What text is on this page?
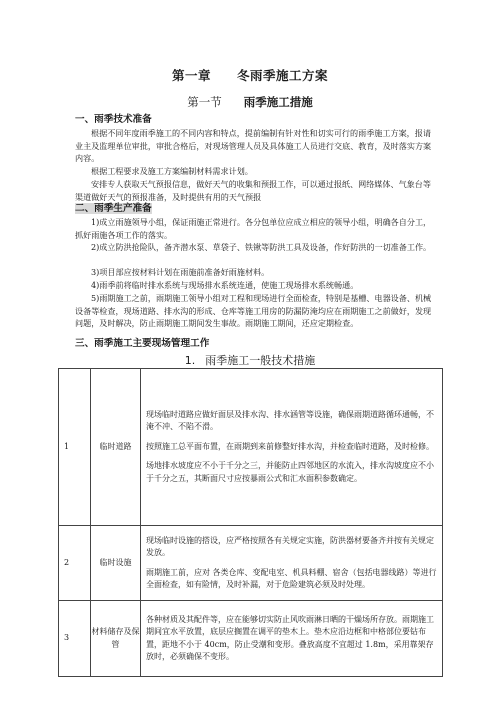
第一章 冬雨季施工方案
第一节 雨季施工措施
一、雨季技术准备

根据不同年度雨季施工的不同内容和特点，提前编制有针对性和切实可行的雨季施工方案，报请业主及监理单位审批，审批合格后，对现场管理人员及具体施工人员进行交底、教育，及时落实方案内容。

根据工程要求及施工方案编制材料需求计划。

安排专人获取天气预报信息，做好天气的收集和预报工作，可以通过报纸、网络媒体、气象台等渠道做好天气的预报准备，及时提供有用的天气预报

二、雨季生产准备

1)成立雨施领导小组，保证雨施正常进行。各分包单位应成立相应的领导小组，明确各自分工，抓好雨施各项工作的落实。

2)成立防洪抢险队，备齐潜水泵、草袋子、铁锹等防洪工具及设备，作好防洪的一切准备工作。

3)项目部应按材料计划在雨施前准备好雨施材料。

4)雨季前将临时排水系统与现场排水系统连通，使施工现场排水系统畅通。

5)雨期施工之前，雨期施工领导小组对工程和现场进行全面检查，特别是基槽、电器设备、机械设备等检查，现场道路、排水沟的形成、仓库等施工用房的防漏防淹均应在雨期施工之前做好，发现问题，及时解决，防止雨期施工期间发生事故。雨期施工期间，还应定期检查。

三、雨季施工主要现场管理工作
1. 雨季施工一般技术措施
1	临时道路	现场临时道路应做好面层及排水沟、排水涵管等设施，确保雨期道路循环通畅，不淹不冲、不陷不滑。

按照施工总平面布置，在雨期到来前修整好排水沟，并检查临时道路，及时检修。

场地排水坡度应不小于千分之三，并能防止四邻地区的水流入，排水沟坡度应不小于千分之五，其断面尺寸应按暴雨公式和汇水面积参数确定。

2	临时设施	现场临时设施的搭设，应严格按照各有关规定实施，防洪器材要备齐并按有关规定发放。

雨期施工前，应对 各类仓库、变配电室、机具料棚、宿舍（包括电器线路）等进行全面检查，如有险情，及时补漏，对于危险建筑必须及时处理。

3	材料储存及保管	各种材质及其配件等，应在能够切实防止风吹雨淋日晒的干燥场所存放。雨期施工期间宜水平放置，底层应搁置在调平的垫木上。垫木应沿边框和中格部位要钻布置，距地不小于 40cm，防止受潮和变形。叠放高度不宜超过 1.8m，采用靠架存放时，必须确保不变形。
